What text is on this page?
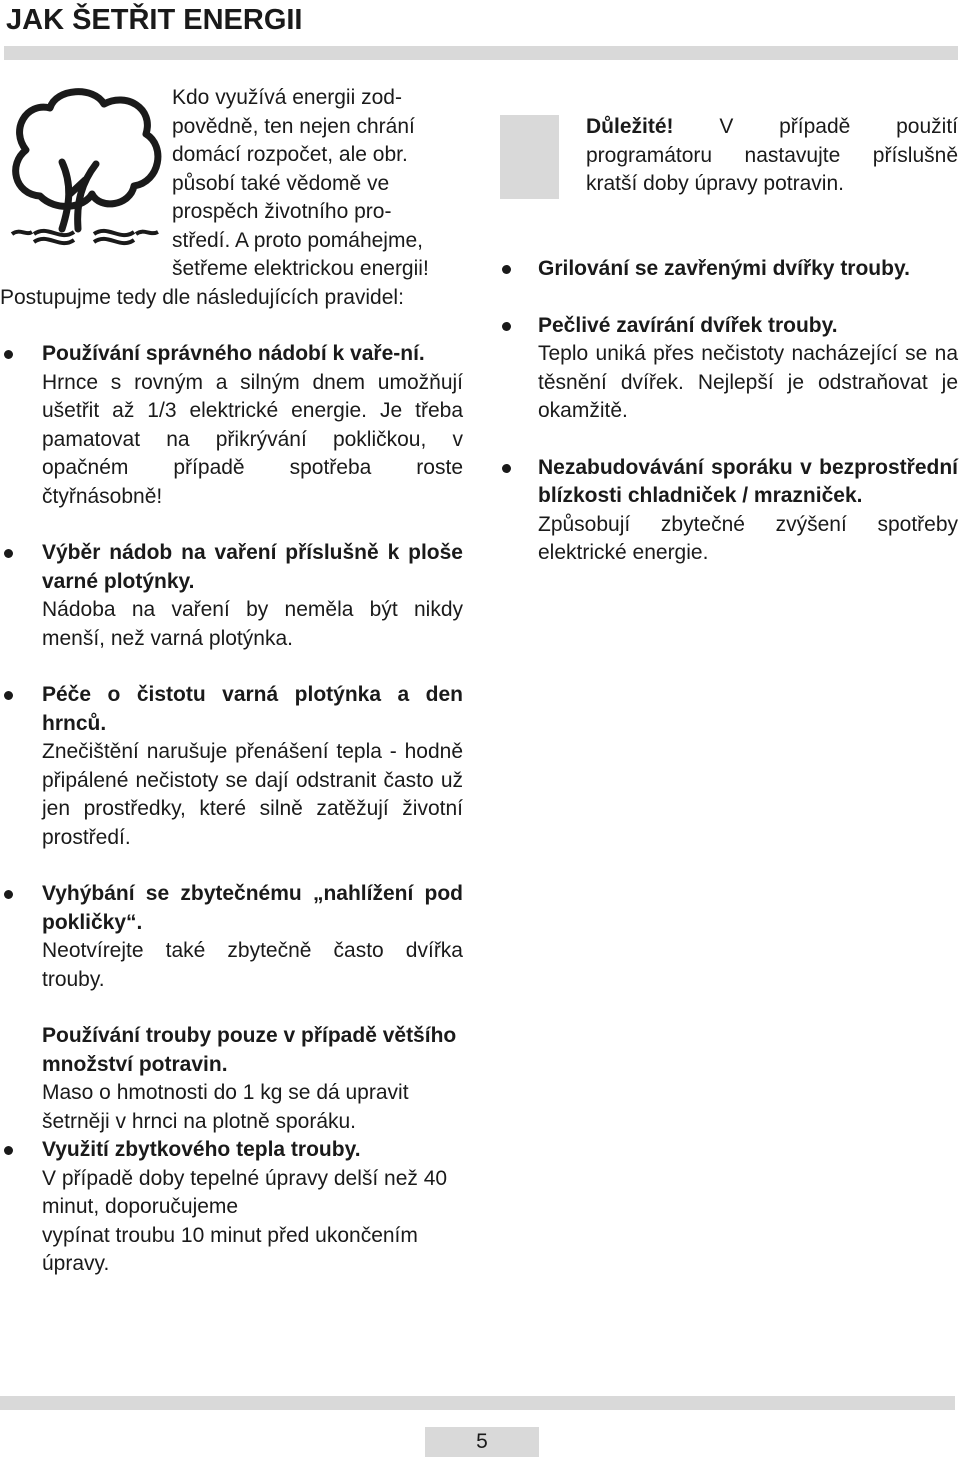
JAK ŠETŘIT ENERGII
Kdo využívá energii zod-
povědně, ten nejen chrání
domácí rozpočet, ale obr.
působí také vědomě ve
prospěch životního pro-
středí. A proto pomáhejme,
šetřeme elektrickou energii!
Postupujme tedy dle následujících pravidel:
Používání správného nádobí k vaře-ní.
Hrnce s rovným a silným dnem umožňují ušetřit až 1/3 elektrické energie. Je třeba pamatovat na přikrývání pokličkou, v opačném případě spotřeba roste čtyřnásobně!
Výběr nádob na vaření příslušně k ploše varné plotýnky.
Nádoba na vaření by neměla být nikdy menší, než varná plotýnka.
Péče o čistotu varná plotýnka a den hrnců.
Znečištění narušuje přenášení tepla - hodně připálené nečistoty se dají odstranit často už jen prostředky, které silně zatěžují životní prostředí.
Vyhýbání se zbytečnému „nahlížení pod pokličky“.
Neotvírejte také zbytečně často dvířka trouby.
Používání trouby pouze v případě většího množství potravin.
Maso o hmotnosti do 1 kg se dá upravit šetrněji v hrnci na plotně sporáku.
Využití zbytkového tepla trouby.
V případě doby tepelné úpravy delší než 40 minut, doporučujeme
vypínat troubu 10 minut před ukončením úpravy.
Důležité! V případě použití programátoru nastavujte příslušně kratší doby úpravy potravin.
Grilování se zavřenými dvířky trouby.
Pečlivé zavírání dvířek trouby.
Teplo uniká přes nečistoty nacházející se na těsnění dvířek. Nejlepší je odstraňovat je okamžitě.
Nezabudovávání sporáku v bezprostřední blízkosti chladniček / mrazniček.
Způsobují zbytečné zvýšení spotřeby elektrické energie.
5
